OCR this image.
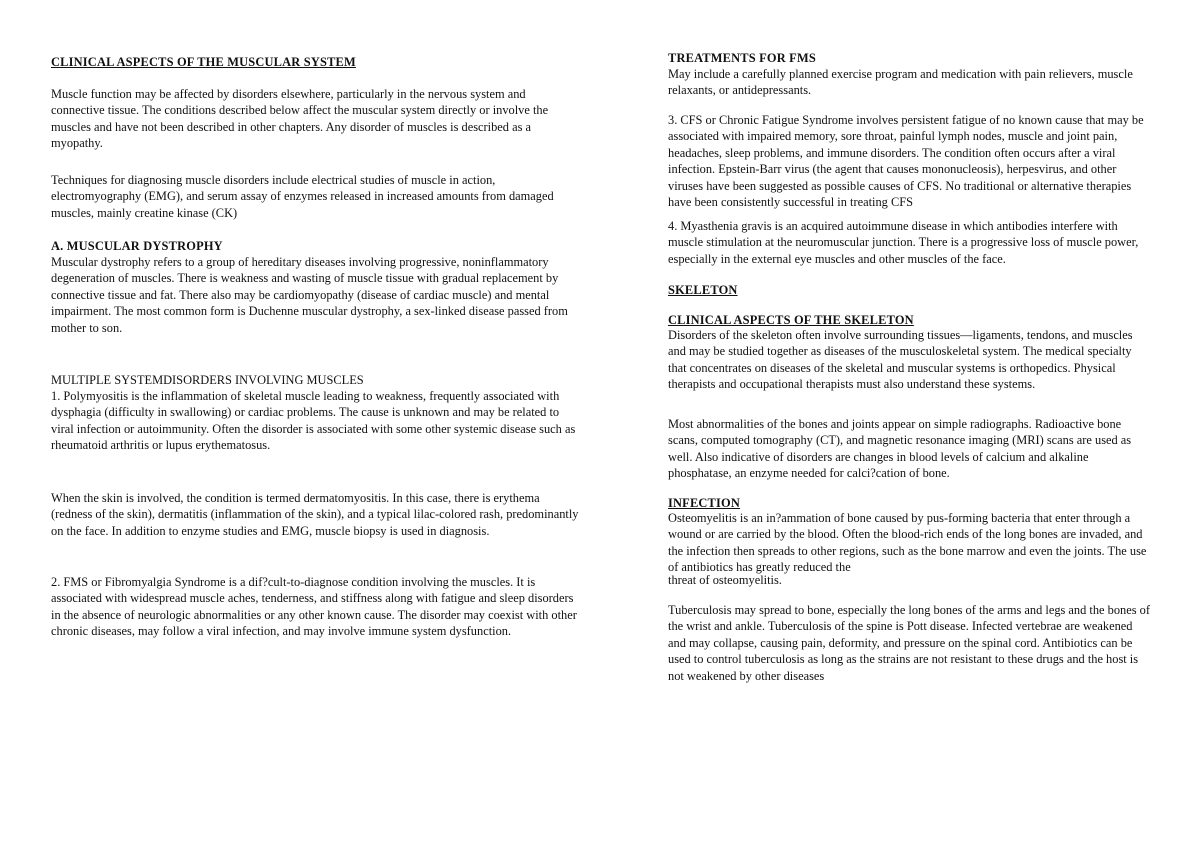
CLINICAL ASPECTS OF THE MUSCULAR SYSTEM

Muscle function may be affected by disorders elsewhere, particularly in the nervous system and connective tissue. The conditions described below affect the muscular system directly or involve the muscles and have not been described in other chapters. Any disorder of muscles is described as a myopathy.

Techniques for diagnosing muscle disorders include electrical studies of muscle in action, electromyography (EMG), and serum assay of enzymes released in increased amounts from damaged muscles, mainly creatine kinase (CK)

A. MUSCULAR DYSTROPHY

Muscular dystrophy refers to a group of hereditary diseases involving progressive, noninflammatory degeneration of muscles. There is weakness and wasting of muscle tissue with gradual replacement by connective tissue and fat. There also may be cardiomyopathy (disease of cardiac muscle) and mental impairment. The most common form is Duchenne muscular dystrophy, a sex-linked disease passed from mother to son.

MULTIPLE SYSTEMDISORDERS INVOLVING MUSCLES

1. Polymyositis is the inflammation of skeletal muscle leading to weakness, frequently associated with dysphagia (difficulty in swallowing) or cardiac problems. The cause is unknown and may be related to viral infection or autoimmunity. Often the disorder is associated with some other systemic disease such as rheumatoid arthritis or lupus erythematosus.

When the skin is involved, the condition is termed dermatomyositis. In this case, there is erythema (redness of the skin), dermatitis (inflammation of the skin), and a typical lilac-colored rash, predominantly on the face. In addition to enzyme studies and EMG, muscle biopsy is used in diagnosis.

2. FMS or Fibromyalgia Syndrome is a dif?cult-to-diagnose condition involving the muscles. It is associated with widespread muscle aches, tenderness, and stiffness along with fatigue and sleep disorders in the absence of neurologic abnormalities or any other known cause. The disorder may coexist with other chronic diseases, may follow a viral infection, and may involve immune system dysfunction.

TREATMENTS FOR FMS

May include a carefully planned exercise program and medication with pain relievers, muscle relaxants, or antidepressants.

3. CFS or Chronic Fatigue Syndrome involves persistent fatigue of no known cause that may be associated with impaired memory, sore throat, painful lymph nodes, muscle and joint pain, headaches, sleep problems, and immune disorders. The condition often occurs after a viral infection. Epstein-Barr virus (the agent that causes mononucleosis), herpesvirus, and other viruses have been suggested as possible causes of CFS. No traditional or alternative therapies have been consistently successful in treating CFS

4. Myasthenia gravis is an acquired autoimmune disease in which antibodies interfere with muscle stimulation at the neuromuscular junction. There is a progressive loss of muscle power, especially in the external eye muscles and other muscles of the face.

SKELETON

CLINICAL ASPECTS OF THE SKELETON

Disorders of the skeleton often involve surrounding tissues—ligaments, tendons, and muscles and may be studied together as diseases of the musculoskeletal system. The medical specialty that concentrates on diseases of the skeletal and muscular systems is orthopedics. Physical therapists and occupational therapists must also understand these systems.

Most abnormalities of the bones and joints appear on simple radiographs. Radioactive bone scans, computed tomography (CT), and magnetic resonance imaging (MRI) scans are used as well. Also indicative of disorders are changes in blood levels of calcium and alkaline phosphatase, an enzyme needed for calci?cation of bone.

INFECTION

Osteomyelitis is an in?ammation of bone caused by pus-forming bacteria that enter through a wound or are carried by the blood. Often the blood-rich ends of the long bones are invaded, and the infection then spreads to other regions, such as the bone marrow and even the joints. The use of antibiotics has greatly reduced the

threat of osteomyelitis.

Tuberculosis may spread to bone, especially the long bones of the arms and legs and the bones of the wrist and ankle. Tuberculosis of the spine is Pott disease. Infected vertebrae are weakened and may collapse, causing pain, deformity, and pressure on the spinal cord. Antibiotics can be used to control tuberculosis as long as the strains are not resistant to these drugs and the host is not weakened by other diseases
